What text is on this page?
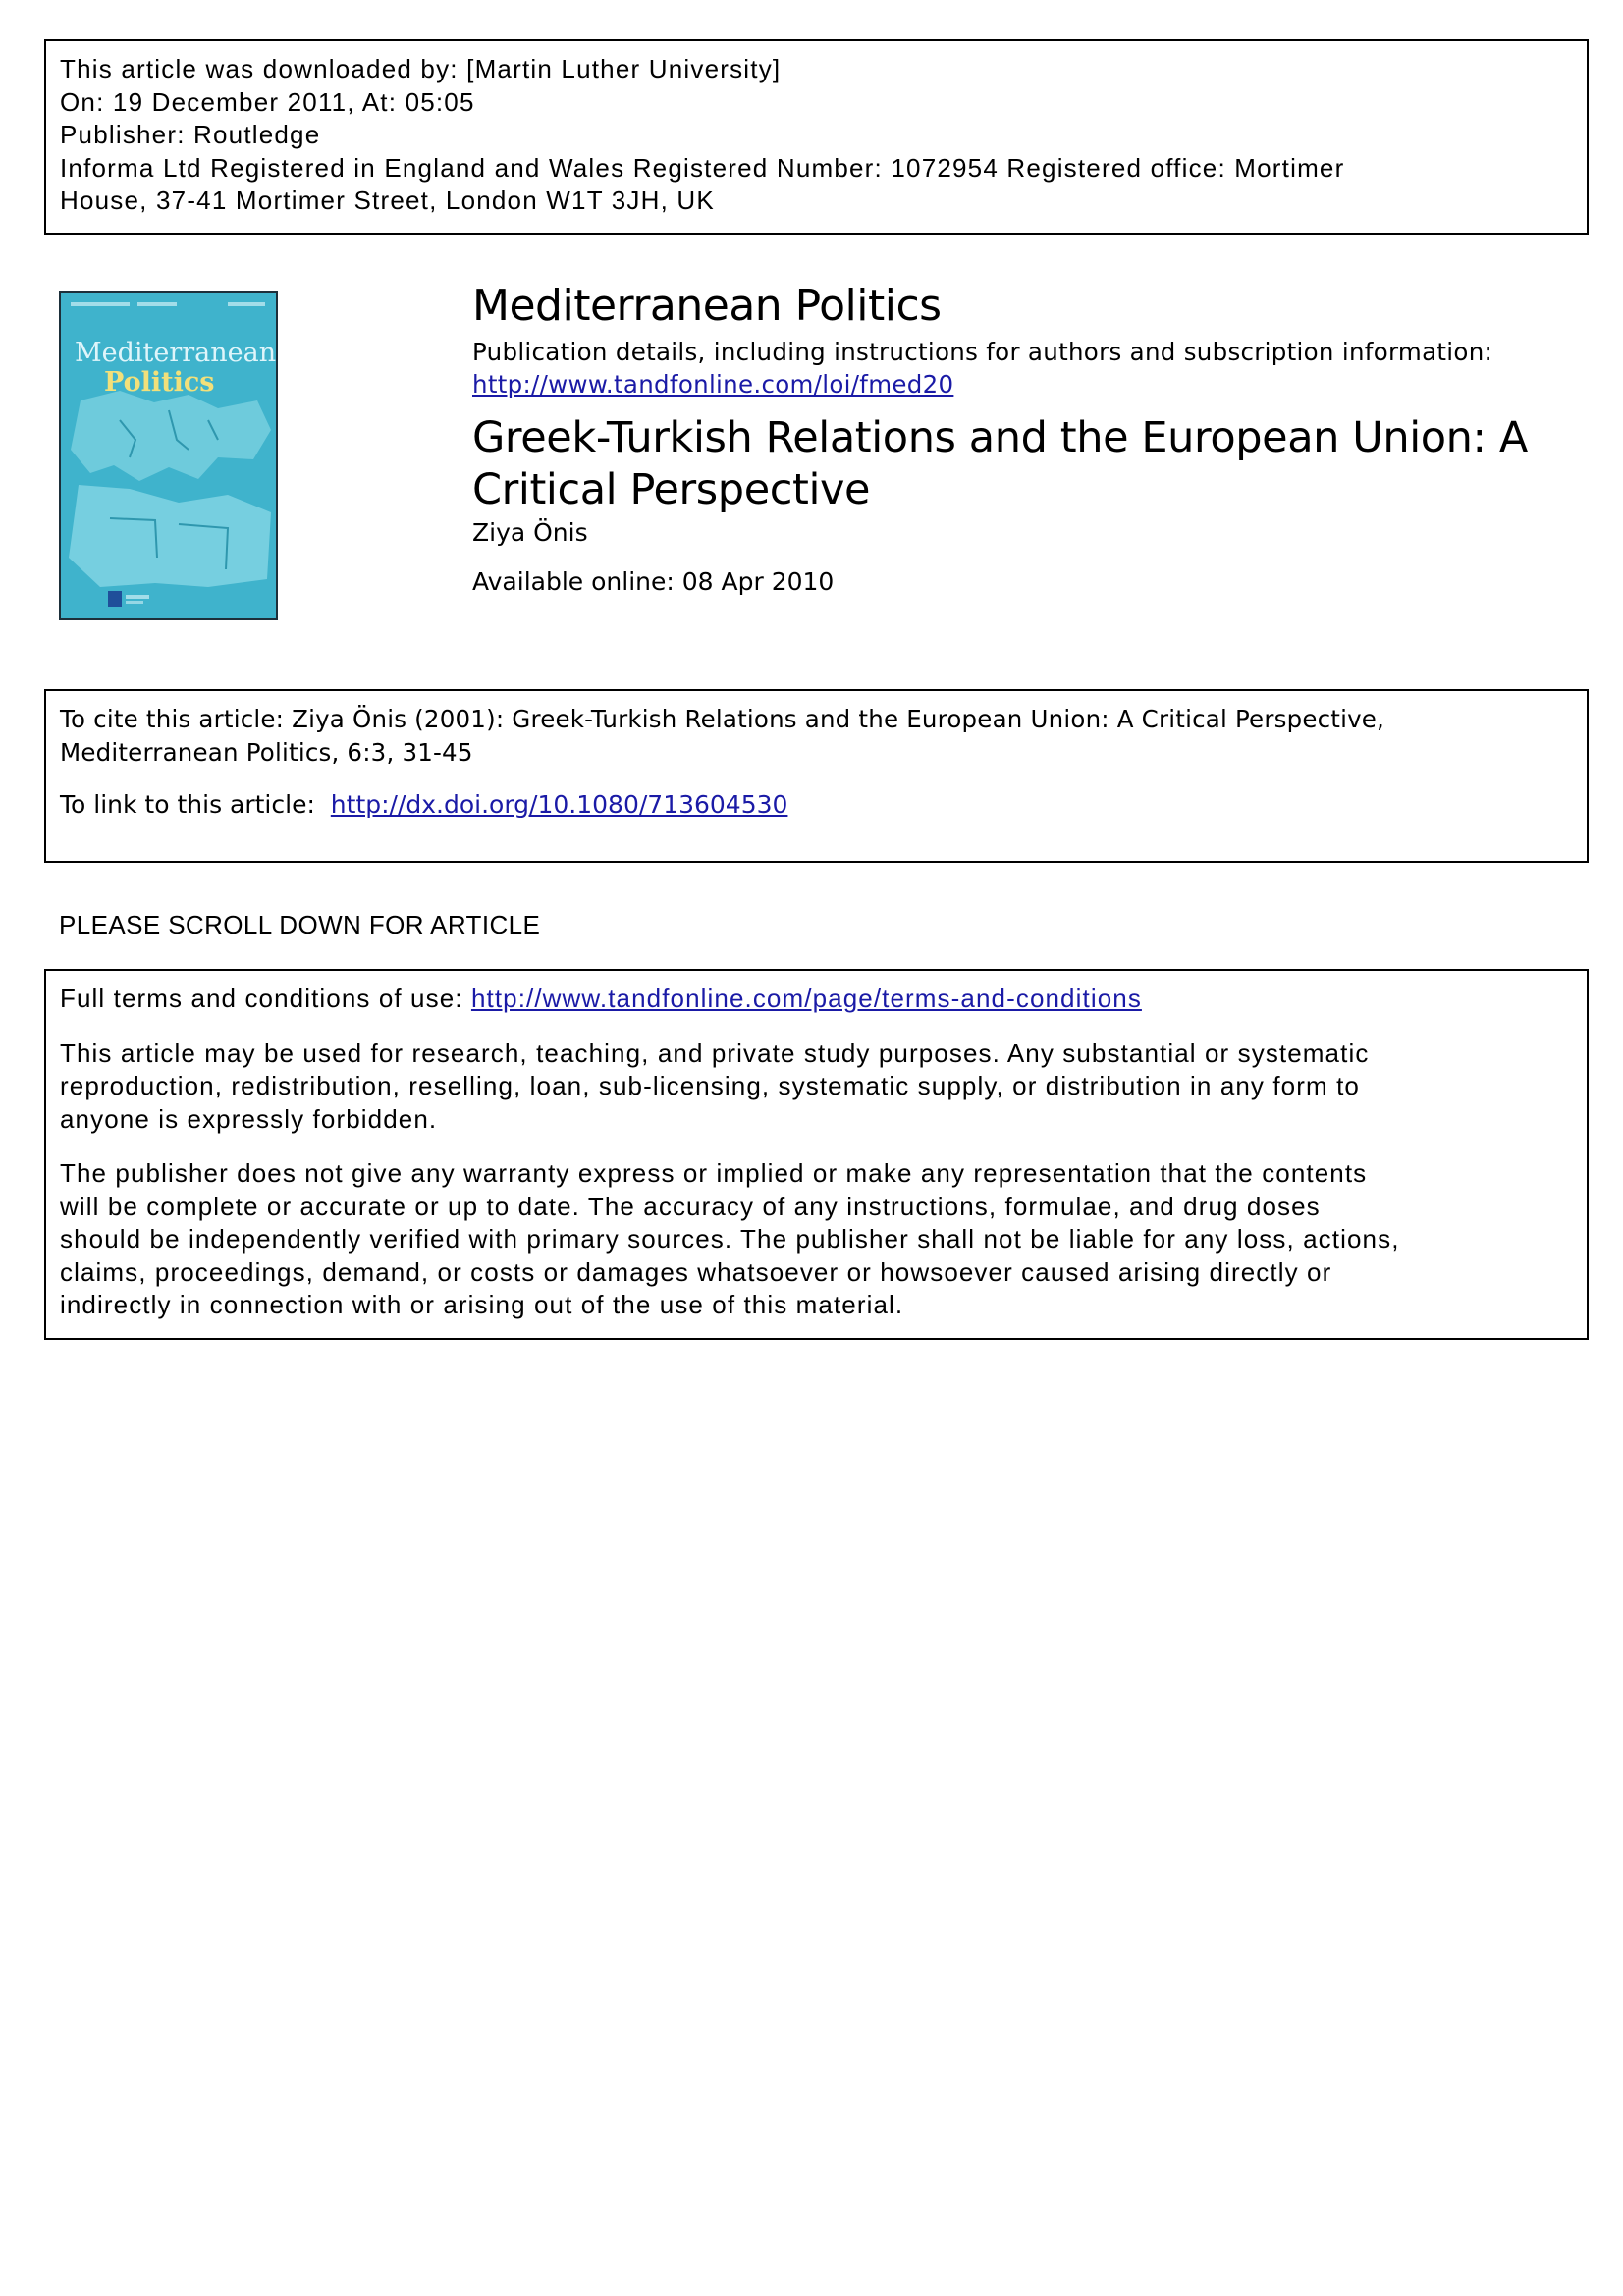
This article was downloaded by: [Martin Luther University]
On: 19 December 2011, At: 05:05
Publisher: Routledge
Informa Ltd Registered in England and Wales Registered Number: 1072954 Registered office: Mortimer
House, 37-41 Mortimer Street, London W1T 3JH, UK
Mediterranean
Politics
Mediterranean Politics
Publication details, including instructions for authors and subscription information:
http://www.tandfonline.com/loi/fmed20
Greek-Turkish Relations and the European Union: A
Critical Perspective
Ziya Önis
Available online: 08 Apr 2010
To cite this article: Ziya Önis (2001): Greek-Turkish Relations and the European Union: A Critical Perspective,
Mediterranean Politics, 6:3, 31-45
To link to this article: http://dx.doi.org/10.1080/713604530
PLEASE SCROLL DOWN FOR ARTICLE

Full terms and conditions of use: http://www.tandfonline.com/page/terms-and-conditions

This article may be used for research, teaching, and private study purposes. Any substantial or systematic
reproduction, redistribution, reselling, loan, sub-licensing, systematic supply, or distribution in any form to
anyone is expressly forbidden.

The publisher does not give any warranty express or implied or make any representation that the contents
will be complete or accurate or up to date. The accuracy of any instructions, formulae, and drug doses
should be independently verified with primary sources. The publisher shall not be liable for any loss, actions,
claims, proceedings, demand, or costs or damages whatsoever or howsoever caused arising directly or
indirectly in connection with or arising out of the use of this material.
